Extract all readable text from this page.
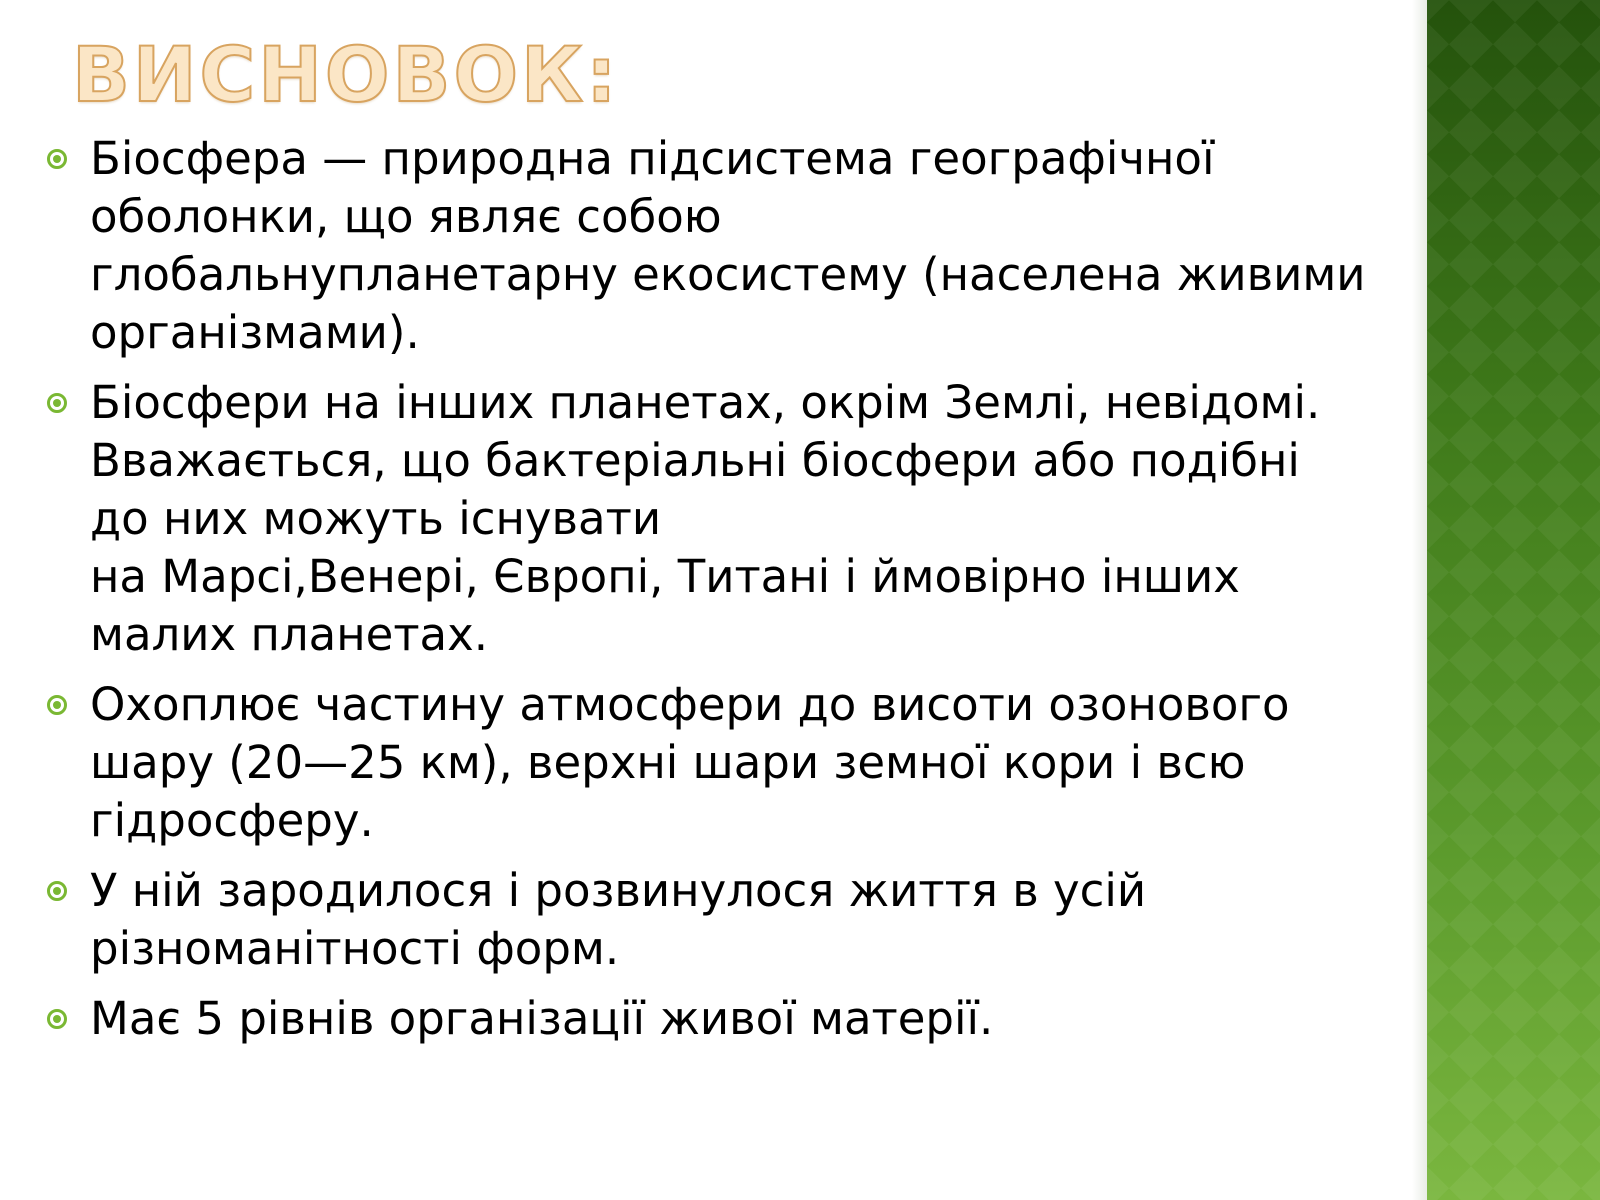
ВИСНОВОК:
Біосфера — природна підсистема географічної
оболонки, що являє собою
глобальнупланетарну екосистему (населена живими
організмами).
Біосфери на інших планетах, окрім Землі, невідомі.
Вважається, що бактеріальні біосфери або подібні
до них можуть існувати
на Марсі,Венері, Європі, Титані і ймовірно інших
малих планетах.
Охоплює частину атмосфери до висоти озонового
шару (20—25 км), верхні шари земної кори і всю
гідросферу.
У ній зародилося і розвинулося життя в усій
різноманітності форм.
Має 5 рівнів організації живої матерії.
